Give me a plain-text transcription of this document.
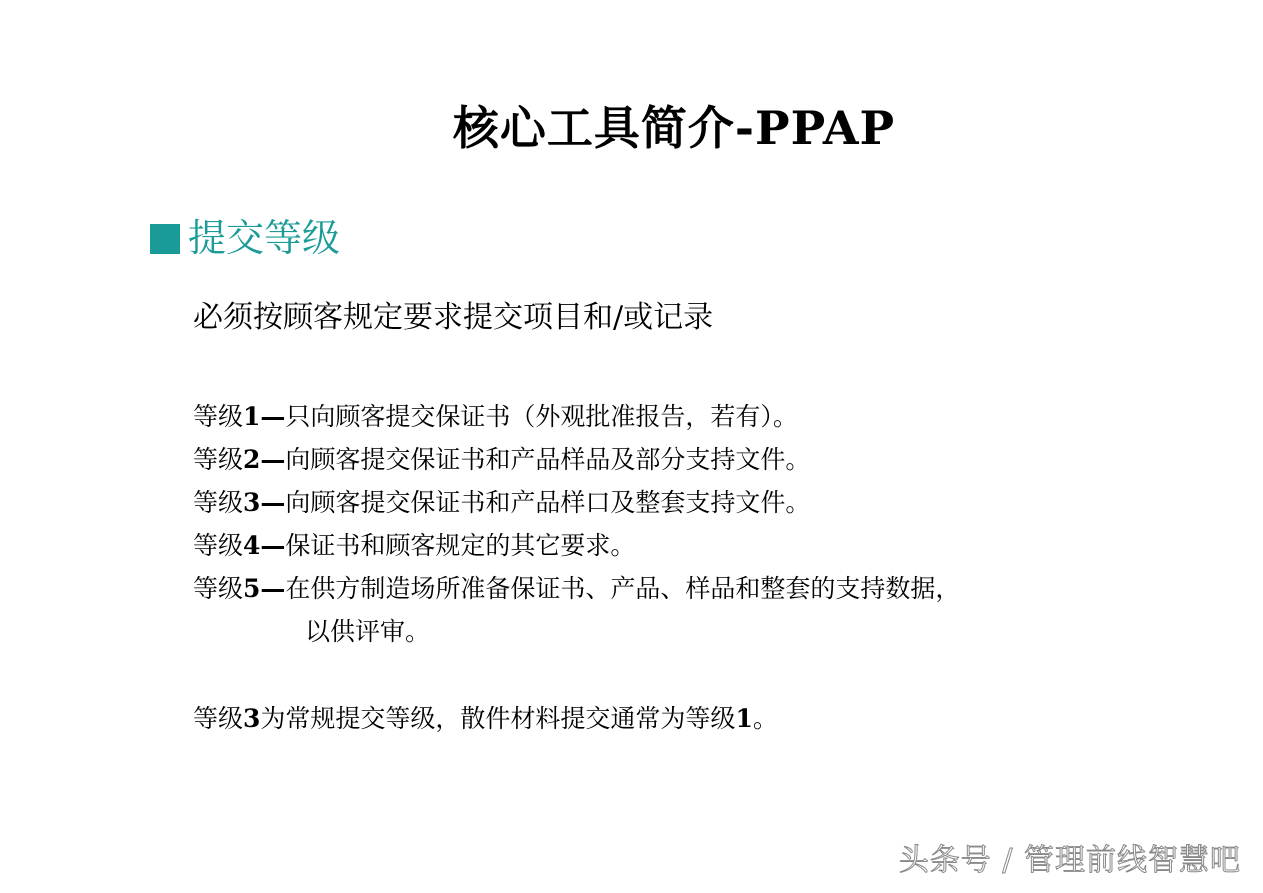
核心工具简介-PPAP
提交等级
必须按顾客规定要求提交项目和/或记录
等级1—只向顾客提交保证书（外观批准报告，若有）。
等级2—向顾客提交保证书和产品样品及部分支持文件。
等级3—向顾客提交保证书和产品样口及整套支持文件。
等级4—保证书和顾客规定的其它要求。
等级5—在供方制造场所准备保证书、产品、样品和整套的支持数据，
以供评审。
等级3为常规提交等级，散件材料提交通常为等级1。
头条号 / 管理前线智慧吧
